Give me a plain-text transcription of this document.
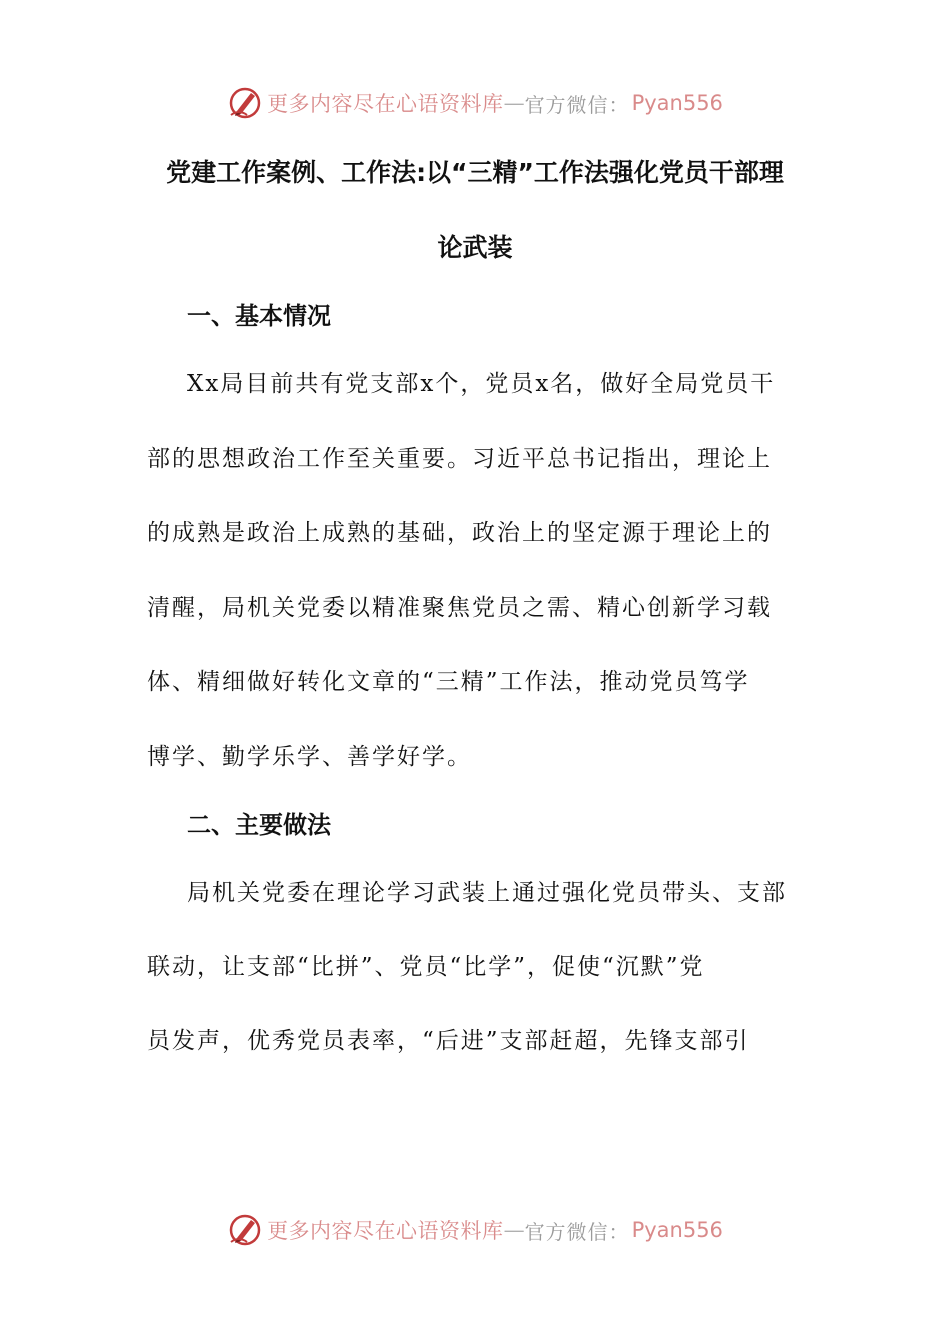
更多内容尽在心语资料库 — 官方微信： Pyan556
党建工作案例、工作法:以“三精”工作法强化党员干部理
论武装
一、基本情况

Xx局目前共有党支部x个，党员x名，做好全局党员干

部的思想政治工作至关重要。习近平总书记指出，理论上

的成熟是政治上成熟的基础，政治上的坚定源于理论上的

清醒，局机关党委以精准聚焦党员之需、精心创新学习载

体、精细做好转化文章的“三精”工作法，推动党员笃学

博学、勤学乐学、善学好学。

二、主要做法

局机关党委在理论学习武装上通过强化党员带头、支部

联动，让支部“比拼”、党员“比学”，促使“沉默”党

员发声，优秀党员表率，“后进”支部赶超，先锋支部引

更多内容尽在心语资料库 — 官方微信： Pyan556
